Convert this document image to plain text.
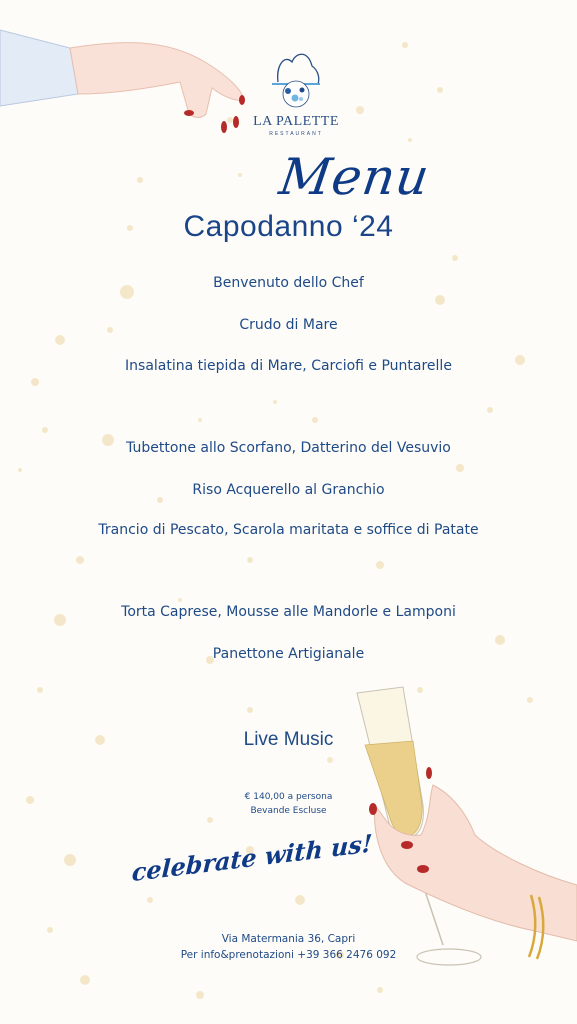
LA PALETTE
RESTAURANT
Menu
Capodanno ‘24
Benvenuto dello Chef
Crudo di Mare
Insalatina tiepida di Mare, Carciofi e Puntarelle
Tubettone allo Scorfano, Datterino del Vesuvio
Riso Acquerello al Granchio
Trancio di Pescato, Scarola maritata e soffice di Patate
Torta Caprese, Mousse alle Mandorle e Lamponi
Panettone Artigianale
Live Music
€ 140,00 a persona
Bevande Escluse
celebrate with us!
Via Matermania 36, Capri
Per info&prenotazioni +39 366 2476 092
